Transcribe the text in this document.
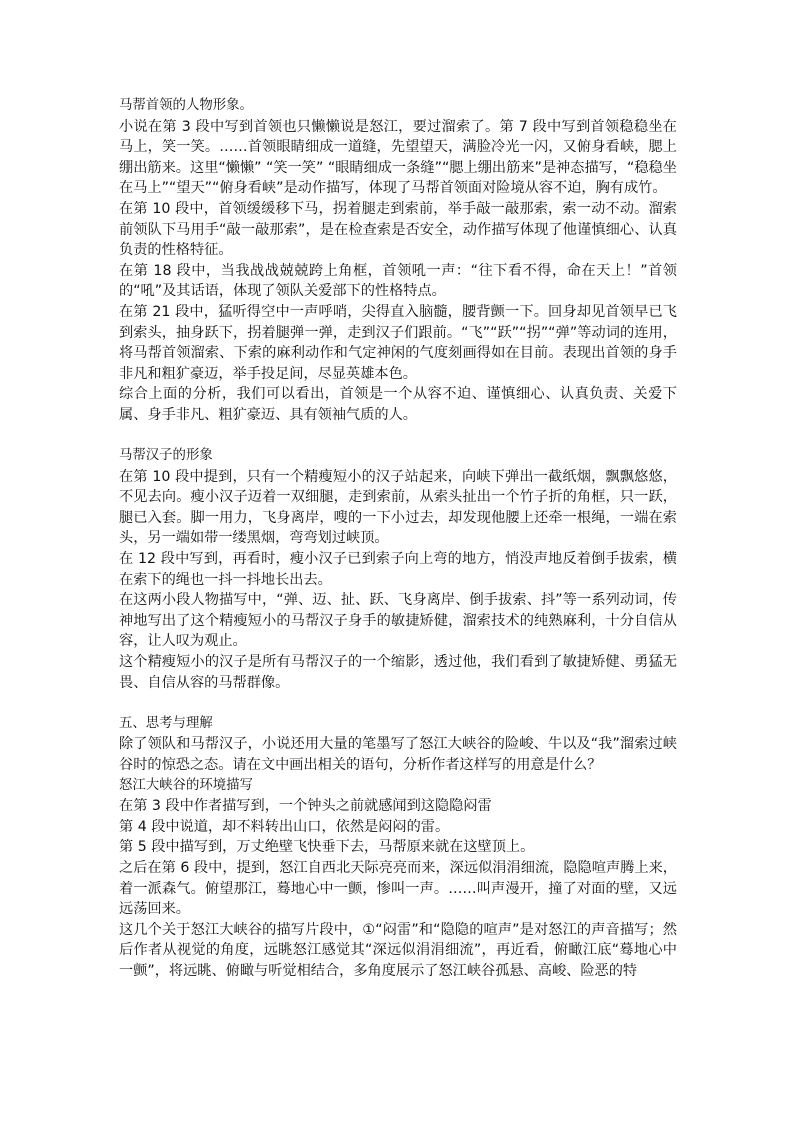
马帮首领的人物形象。

小说在第 3 段中写到首领也只懒懒说是怒江，要过溜索了。第 7 段中写到首领稳稳坐在马上，笑一笑。……首领眼睛细成一道缝，先望望天，满脸冷光一闪，又俯身看峡，腮上绷出筋来。这里“懒懒” “笑一笑” “眼睛细成一条缝”“腮上绷出筋来”是神态描写，“稳稳坐在马上”“望天”“俯身看峡”是动作描写，体现了马帮首领面对险境从容不迫，胸有成竹。

在第 10 段中，首领缓缓移下马，拐着腿走到索前，举手敲一敲那索，索一动不动。溜索前领队下马用手“敲一敲那索”，是在检查索是否安全，动作描写体现了他谨慎细心、认真负责的性格特征。

在第 18 段中，当我战战兢兢跨上角框，首领吼一声：“往下看不得，命在天上！”首领的“吼”及其话语，体现了领队关爱部下的性格特点。

在第 21 段中，猛听得空中一声呼哨，尖得直入脑髓，腰背颤一下。回身却见首领早已飞到索头，抽身跃下，拐着腿弹一弹，走到汉子们跟前。“飞”“跃”“拐”“弹”等动词的连用，将马帮首领溜索、下索的麻利动作和气定神闲的气度刻画得如在目前。表现出首领的身手非凡和粗犷豪迈，举手投足间，尽显英雄本色。

综合上面的分析，我们可以看出，首领是一个从容不迫、谨慎细心、认真负责、关爱下属、身手非凡、粗犷豪迈、具有领袖气质的人。

马帮汉子的形象

在第 10 段中提到，只有一个精瘦短小的汉子站起来，向峡下弹出一截纸烟，飘飘悠悠，不见去向。瘦小汉子迈着一双细腿，走到索前，从索头扯出一个竹子折的角框，只一跃，腿已入套。脚一用力，飞身离岸，嗖的一下小过去，却发现他腰上还牵一根绳，一端在索头，另一端如带一缕黑烟，弯弯划过峡顶。

在 12 段中写到，再看时，瘦小汉子已到索子向上弯的地方，悄没声地反着倒手拔索，横在索下的绳也一抖一抖地长出去。

在这两小段人物描写中，“弹、迈、扯、跃、飞身离岸、倒手拔索、抖”等一系列动词，传神地写出了这个精瘦短小的马帮汉子身手的敏捷矫健，溜索技术的纯熟麻利，十分自信从容，让人叹为观止。

这个精瘦短小的汉子是所有马帮汉子的一个缩影，透过他，我们看到了敏捷矫健、勇猛无畏、自信从容的马帮群像。

五、思考与理解

除了领队和马帮汉子，小说还用大量的笔墨写了怒江大峡谷的险峻、牛以及“我”溜索过峡谷时的惊恐之态。请在文中画出相关的语句，分析作者这样写的用意是什么？

怒江大峡谷的环境描写

在第 3 段中作者描写到，一个钟头之前就感闻到这隐隐闷雷

第 4 段中说道，却不料转出山口，依然是闷闷的雷。

第 5 段中描写到，万丈绝壁飞快垂下去，马帮原来就在这壁顶上。

之后在第 6 段中，提到，怒江自西北天际亮亮而来，深远似涓涓细流，隐隐喧声腾上来，着一派森气。俯望那江，蓦地心中一颤，惨叫一声。……叫声漫开，撞了对面的壁，又远远荡回来。

这几个关于怒江大峡谷的描写片段中，①“闷雷”和“隐隐的喧声”是对怒江的声音描写；然后作者从视觉的角度，远眺怒江感觉其“深远似涓涓细流”，再近看，俯瞰江底“蓦地心中一颤”，将远眺、俯瞰与听觉相结合，多角度展示了怒江峡谷孤悬、高峻、险恶的特
